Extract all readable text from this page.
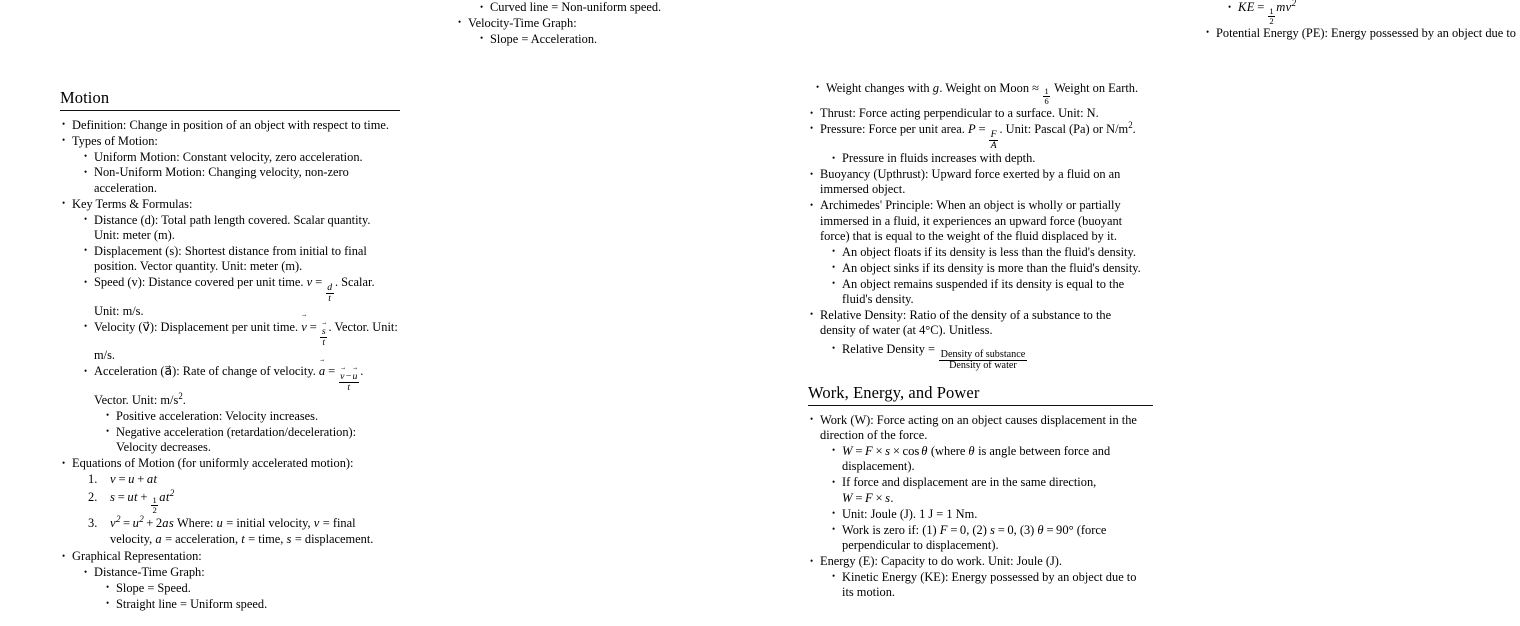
Motion
• Definition: Change in position of an object with respect to time.
• Types of Motion:
• Uniform Motion: Constant velocity, zero acceleration.
• Non-Uniform Motion: Changing velocity, non-zero acceleration.
• Key Terms & Formulas:
• Distance (d): Total path length covered. Scalar quantity. Unit: meter (m).
• Displacement (s): Shortest distance from initial to final position. Vector quantity. Unit: meter (m).
• Speed (v): Distance covered per unit time. v =
$\frac{d}{t}$
. Scalar. Unit: m/s.
• Velocity (v⃗): Displacement per unit time. v → =
$\frac{s \to}{t}$
. Vector. Unit: m/s.
• Acceleration (a⃗): Rate of change of velocity. a → =
$\frac{v \to-u \to}{t}$
. Vector. Unit: $m/s^2$.
• Positive acceleration: Velocity increases.
• Negative acceleration (retardation/deceleration): Velocity decreases.
• Equations of Motion (for uniformly accelerated motion):
v = u + at
s = ut + $\frac{1}{2} at^2$
$v^2 = u^2 + 2as$ Where: u = initial velocity, v = final velocity, a = acceleration, t = time, s = displacement.
• Graphical Representation:
• Distance-Time Graph:
• Slope = Speed.
• Straight line = Uniform speed.
• Curved line = Non-uniform speed.
• Velocity-Time Graph:
• Slope = Acceleration.
• Weight changes with g. Weight on Moon ≈ $\frac{1}{6}$ Weight on Earth.
• Thrust: Force acting perpendicular to a surface. Unit: N.
• Pressure: Force per unit area. P =
$\frac{F}{A}$
. Unit: Pascal (Pa) or $N/m^2$.
• Pressure in fluids increases with depth.
• Buoyancy (Upthrust): Upward force exerted by a fluid on an immersed object.
• Archimedes' Principle: When an object is wholly or partially immersed in a fluid, it experiences an upward force (buoyant force) that is equal to the weight of the fluid displaced by it.
• An object floats if its density is less than the fluid's density.
• An object sinks if its density is more than the fluid's density.
• An object remains suspended if its density is equal to the fluid's density.
• Relative Density: Ratio of the density of a substance to the density of water (at 4°C). Unitless.
• Relative Density =
$\frac{\text{Density of substance}}{\text{Density of water}}$
Work, Energy, and Power
• Work (W): Force acting on an object causes displacement in the direction of the force.
• W = F × s × cos θ (where θ is angle between force and displacement).
• If force and displacement are in the same direction, W = F × s.
• Unit: Joule (J). 1 J = 1 Nm.
• Work is zero if: (1) F = 0, (2) s = 0, (3) θ = 90° (force perpendicular to displacement).
• Energy (E): Capacity to do work. Unit: Joule (J).
• Kinetic Energy (KE): Energy possessed by an object due to its motion.
• KE = $\frac{1}{2} mv^2$
• Potential Energy (PE): Energy possessed by an object due to
